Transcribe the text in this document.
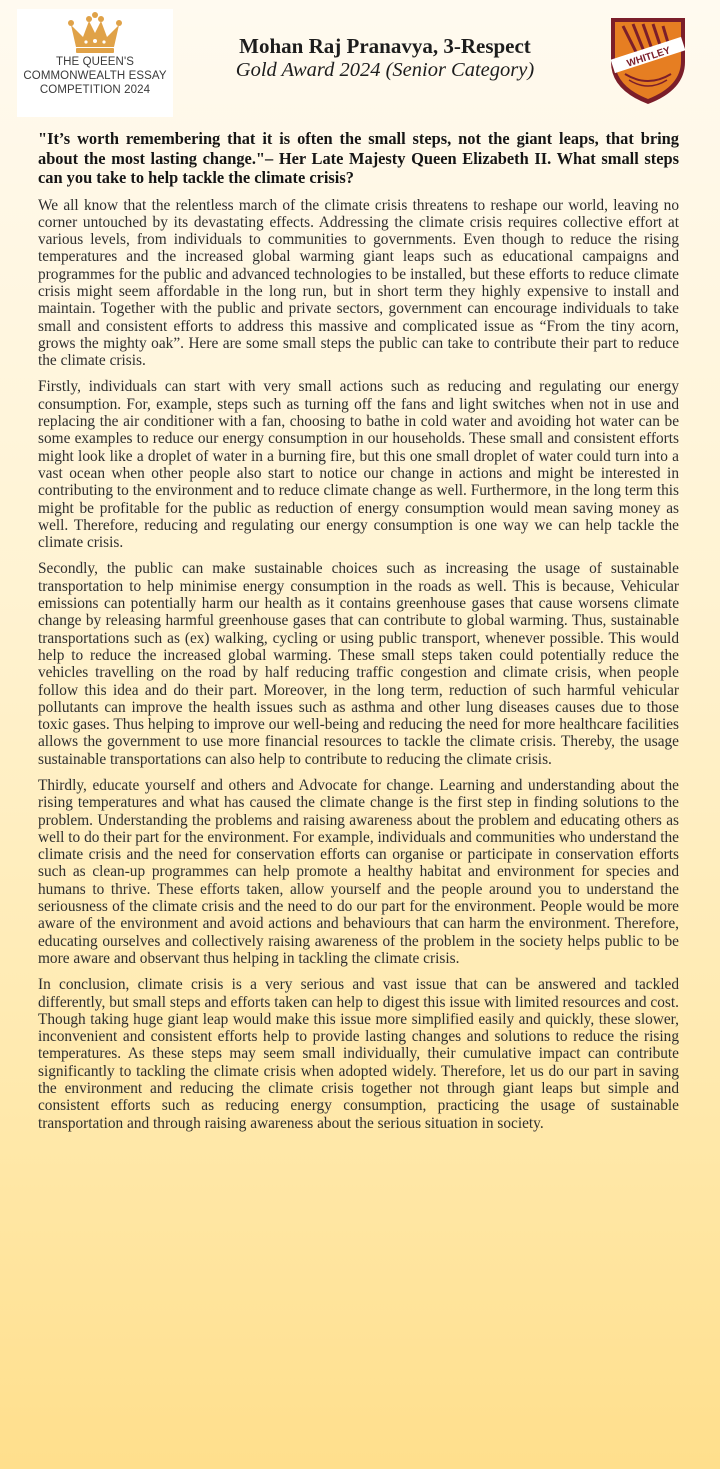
THE QUEEN'S
COMMONWEALTH ESSAY
COMPETITION 2024
Mohan Raj Pranavya, 3-Respect
Gold Award 2024 (Senior Category)
WHITLEY

"It’s worth remembering that it is often the small steps, not the giant leaps, that bring about the most lasting change."– Her Late Majesty Queen Elizabeth II. What small steps can you take to help tackle the climate crisis?

We all know that the relentless march of the climate crisis threatens to reshape our world, leaving no corner untouched by its devastating effects. Addressing the climate crisis requires collective effort at various levels, from individuals to communities to governments. Even though to reduce the rising temperatures and the increased global warming giant leaps such as educational campaigns and programmes for the public and advanced technologies to be installed, but these efforts to reduce climate crisis might seem affordable in the long run, but in short term they highly expensive to install and maintain. Together with the public and private sectors, government can encourage individuals to take small and consistent efforts to address this massive and complicated issue as “From the tiny acorn, grows the mighty oak”. Here are some small steps the public can take to contribute their part to reduce the climate crisis.

Firstly, individuals can start with very small actions such as reducing and regulating our energy consumption. For, example, steps such as turning off the fans and light switches when not in use and replacing the air conditioner with a fan, choosing to bathe in cold water and avoiding hot water can be some examples to reduce our energy consumption in our households. These small and consistent efforts might look like a droplet of water in a burning fire, but this one small droplet of water could turn into a vast ocean when other people also start to notice our change in actions and might be interested in contributing to the environment and to reduce climate change as well. Furthermore, in the long term this might be profitable for the public as reduction of energy consumption would mean saving money as well. Therefore, reducing and regulating our energy consumption is one way we can help tackle the climate crisis.

Secondly, the public can make sustainable choices such as increasing the usage of sustainable transportation to help minimise energy consumption in the roads as well. This is because, Vehicular emissions can potentially harm our health as it contains greenhouse gases that cause worsens climate change by releasing harmful greenhouse gases that can contribute to global warming. Thus, sustainable transportations such as (ex) walking, cycling or using public transport, whenever possible. This would help to reduce the increased global warming. These small steps taken could potentially reduce the vehicles travelling on the road by half reducing traffic congestion and climate crisis, when people follow this idea and do their part. Moreover, in the long term, reduction of such harmful vehicular pollutants can improve the health issues such as asthma and other lung diseases causes due to those toxic gases. Thus helping to improve our well-being and reducing the need for more healthcare facilities allows the government to use more financial resources to tackle the climate crisis. Thereby, the usage sustainable transportations can also help to contribute to reducing the climate crisis.

Thirdly, educate yourself and others and Advocate for change. Learning and understanding about the rising temperatures and what has caused the climate change is the first step in finding solutions to the problem. Understanding the problems and raising awareness about the problem and educating others as well to do their part for the environment. For example, individuals and communities who understand the climate crisis and the need for conservation efforts can organise or participate in conservation efforts such as clean-up programmes can help promote a healthy habitat and environment for species and humans to thrive. These efforts taken, allow yourself and the people around you to understand the seriousness of the climate crisis and the need to do our part for the environment. People would be more aware of the environment and avoid actions and behaviours that can harm the environment. Therefore, educating ourselves and collectively raising awareness of the problem in the society helps public to be more aware and observant thus helping in tackling the climate crisis.

In conclusion, climate crisis is a very serious and vast issue that can be answered and tackled differently, but small steps and efforts taken can help to digest this issue with limited resources and cost. Though taking huge giant leap would make this issue more simplified easily and quickly, these slower, inconvenient and consistent efforts help to provide lasting changes and solutions to reduce the rising temperatures. As these steps may seem small individually, their cumulative impact can contribute significantly to tackling the climate crisis when adopted widely. Therefore, let us do our part in saving the environment and reducing the climate crisis together not through giant leaps but simple and consistent efforts such as reducing energy consumption, practicing the usage of sustainable transportation and through raising awareness about the serious situation in society.
